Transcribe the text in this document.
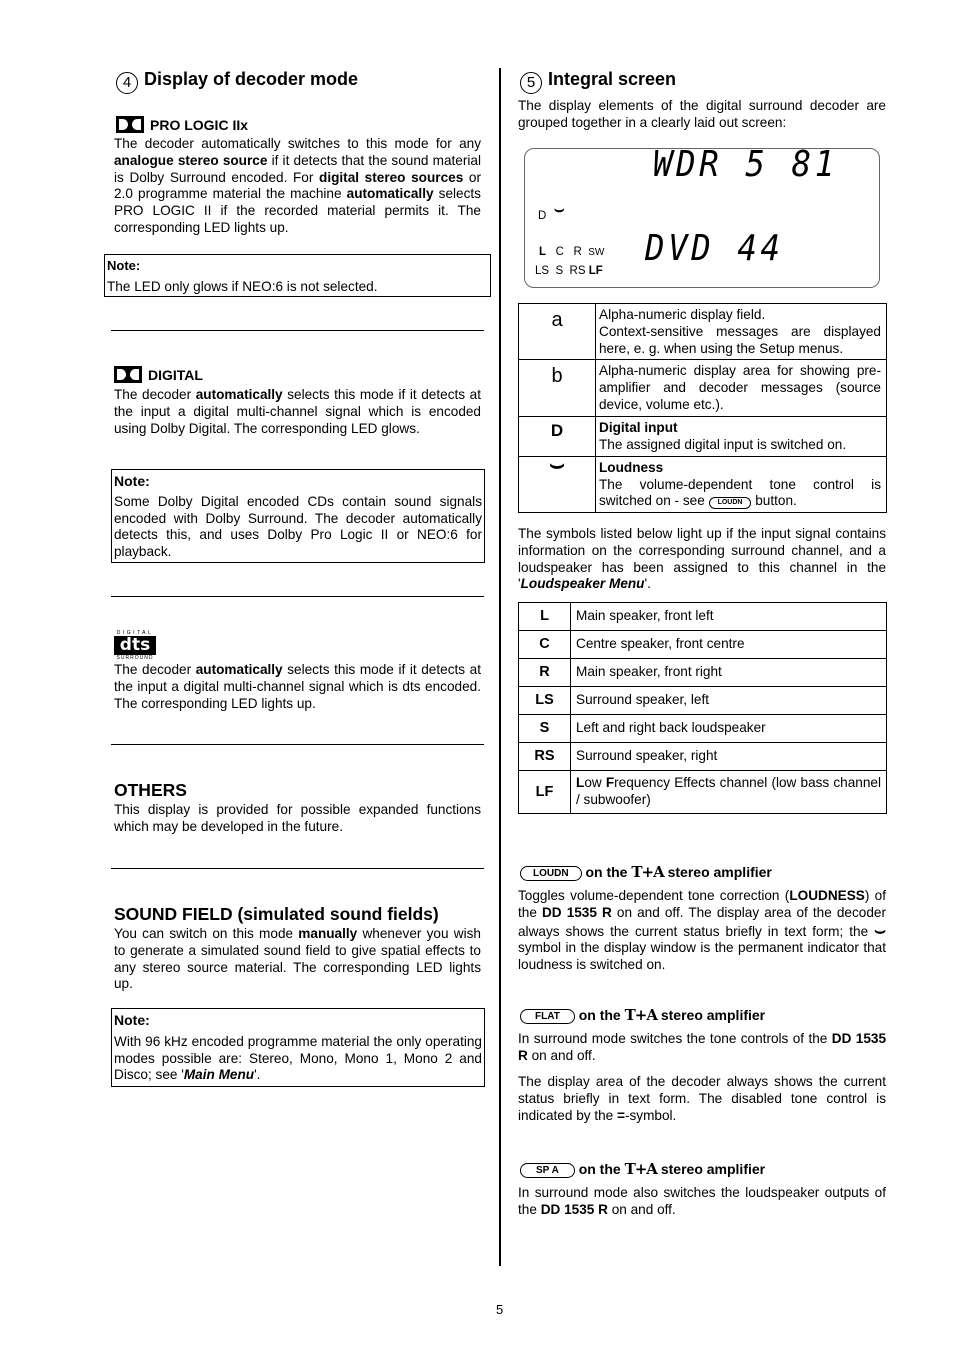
4 Display of decoder mode
PRO LOGIC IIx
The decoder automatically switches to this mode for any analogue stereo source if it detects that the sound material is Dolby Surround encoded. For digital stereo sources or 2.0 programme material the machine automatically selects PRO LOGIC II if the recorded material permits it. The corresponding LED lights up.
Note:
The LED only glows if NEO:6 is not selected.
DIGITAL
The decoder automatically selects this mode if it detects at the input a digital multi-channel signal which is encoded using Dolby Digital. The corresponding LED glows.
Note:
Some Dolby Digital encoded CDs contain sound signals encoded with Dolby Surround. The decoder automatically detects this, and uses Dolby Pro Logic II or NEO:6 for playback.
DIGITAL
dts
SURROUND
The decoder automatically selects this mode if it detects at the input a digital multi-channel signal which is dts encoded. The corresponding LED lights up.
OTHERS
This display is provided for possible expanded functions which may be developed in the future.
SOUND FIELD (simulated sound fields)
You can switch on this mode manually whenever you wish to generate a simulated sound field to give spatial effects to any stereo source material. The corresponding LED lights up.
Note:
With 96 kHz encoded programme material the only operating modes possible are: Stereo, Mono, Mono 1, Mono 2 and Disco; see 'Main Menu'.
5 Integral screen
The display elements of the digital surround decoder are grouped together in a clearly laid out screen:
WDR 5 81
D ⌣
L C R SW
LS S RS LF
DVD 44
a	Alpha-numeric display field.
Context-sensitive messages are displayed here, e. g. when using the Setup menus.

b	Alpha-numeric display area for showing pre-amplifier and decoder messages (source device, volume etc.).
D	Digital input
The assigned digital input is switched on.

⌣	Loudness
The volume-dependent tone control is switched on - see LOUDN button.
The symbols listed below light up if the input signal contains information on the corresponding surround channel, and a loudspeaker has been assigned to this channel in the 'Loudspeaker Menu'.
L	Main speaker, front left
C	Centre speaker, front centre
R	Main speaker, front right
LS	Surround speaker, left
S	Left and right back loudspeaker
RS	Surround speaker, right
LF	Low Frequency Effects channel (low bass channel / subwoofer)
LOUDN on the T+A stereo amplifier
Toggles volume-dependent tone correction (LOUDNESS) of the DD 1535 R on and off. The display area of the decoder always shows the current status briefly in text form; the ⌣ symbol in the display window is the permanent indicator that loudness is switched on.
FLAT on the T+A stereo amplifier
In surround mode switches the tone controls of the DD 1535 R on and off.
The display area of the decoder always shows the current status briefly in text form. The disabled tone control is indicated by the =-symbol.
SP A on the T+A stereo amplifier
In surround mode also switches the loudspeaker outputs of the DD 1535 R on and off.
5
